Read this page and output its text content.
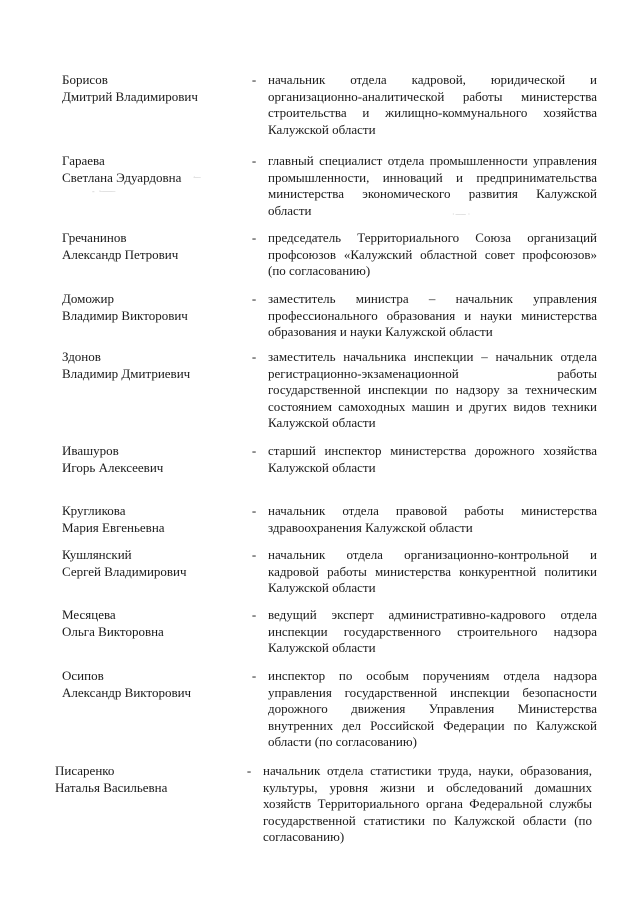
Борисов
Дмитрий Владимирович
- начальник отдела кадровой, юридической и организационно-аналитической работы министерства строительства и жилищно-коммунального хозяйства Калужской области
Гараева
Светлана Эдуардовна
- главный специалист отдела промышленности управления промышленности, инноваций и предпринимательства министерства экономического развития Калужской области
·̶̶̶ ̶̶
‑ ·̶ ̶̶̶ ̶̶̶̶ ̶̶̶ ̶
· ̶̶̶̶ ̶̶ ̶̶̶̶ ·
Гречанинов
Александр Петрович
- председатель Территориального Союза организаций профсоюзов «Калужский областной совет профсоюзов» (по согласованию)
Доможир
Владимир Викторович
- заместитель министра – начальник управления профессионального образования и науки министерства образования и науки Калужской области
Здонов
Владимир Дмитриевич
- заместитель начальника инспекции – начальник отдела регистрационно-экзаменационной работы государственной инспекции по надзору за техническим состоянием самоходных машин и других видов техники Калужской области
Ивашуров
Игорь Алексеевич
- старший инспектор министерства дорожного хозяйства Калужской области
Кругликова
Мария Евгеньевна
- начальник отдела правовой работы министерства здравоохранения Калужской области
Кушлянский
Сергей Владимирович
- начальник отдела организационно-контрольной и кадровой работы министерства конкурентной политики Калужской области
Месяцева
Ольга Викторовна
- ведущий эксперт административно-кадрового отдела инспекции государственного строительного надзора Калужской области
Осипов
Александр Викторович
- инспектор по особым поручениям отдела надзора управления государственной инспекции безопасности дорожного движения Управления Министерства внутренних дел Российской Федерации по Калужской области (по согласованию)
Писаренко
Наталья Васильевна
- начальник отдела статистики труда, науки, образования, культуры, уровня жизни и обследований домашних хозяйств Территориального органа Федеральной службы государственной статистики по Калужской области (по согласованию)
